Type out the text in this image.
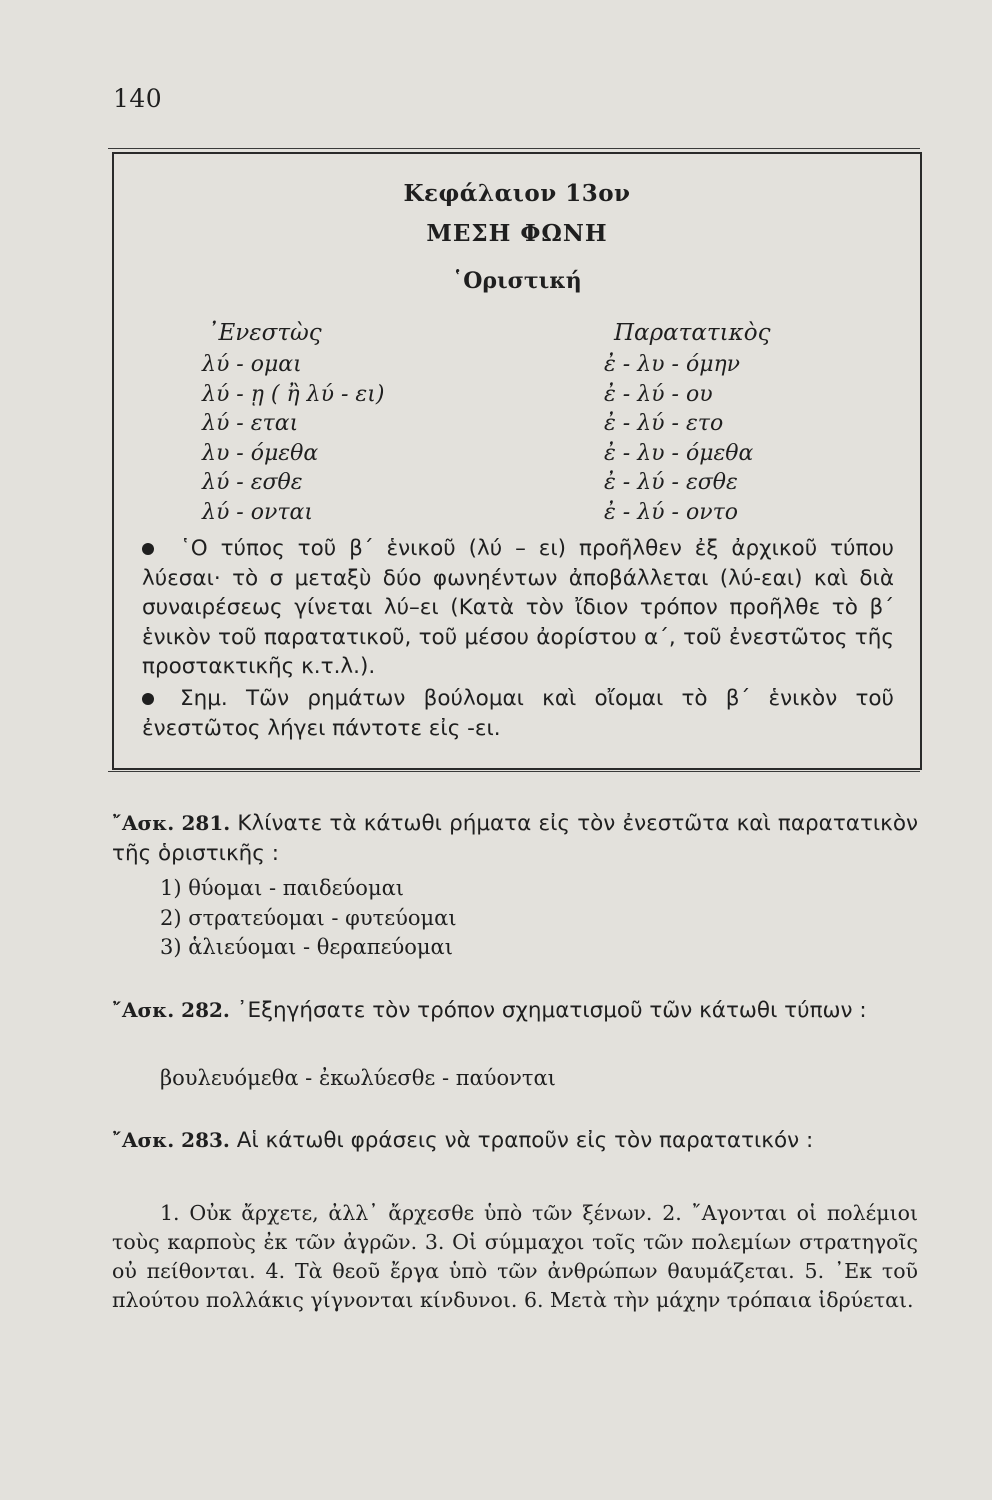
140
Κεφάλαιον 13ον
ΜΕΣΗ ΦΩΝΗ
῾Οριστική
᾿Ενεστὼς	Παρατατικὸς
λύ - ομαι
λύ - ῃ ( ἢ λύ - ει)
λύ - εται
λυ - όμεθα
λύ - εσθε
λύ - ονται
ἐ - λυ - όμην
ἐ - λύ - ου
ἐ - λύ - ετο
ἐ - λυ - όμεθα
ἐ - λύ - εσθε
ἐ - λύ - οντο
῾Ο τύπος τοῦ β΄ ἑνικοῦ (λύ – ει) προῆλθεν ἐξ ἀρχικοῦ τύπου λύεσαι· τὸ σ μεταξὺ δύο φωνηέντων ἀποβάλλεται (λύ-εαι) καὶ διὰ συναιρέσεως γίνεται λύ–ει (Κατὰ τὸν ἴδιον τρόπον προῆλθε τὸ β΄ ἑνικὸν τοῦ παρατατικοῦ, τοῦ μέσου ἀορίστου α΄, τοῦ ἐνεστῶτος τῆς προστακτικῆς κ.τ.λ.).
Σημ. Τῶν ρημάτων βούλομαι καὶ οἴομαι τὸ β΄ ἑνικὸν τοῦ ἐνεστῶτος λήγει πάντοτε εἰς -ει.
῎Ασκ. 281. Κλίνατε τὰ κάτωθι ρήματα εἰς τὸν ἐνεστῶτα καὶ παρατατικὸν τῆς ὁριστικῆς :
1) θύομαι - παιδεύομαι
2) στρατεύομαι - φυτεύομαι
3) ἁλιεύομαι - θεραπεύομαι
῎Ασκ. 282. ᾿Εξηγήσατε τὸν τρόπον σχηματισμοῦ τῶν κάτωθι τύπων :
βουλευόμεθα - ἐκωλύεσθε - παύονται
῎Ασκ. 283. Αἱ κάτωθι φράσεις νὰ τραποῦν εἰς τὸν παρατατικόν :
1. Οὐκ ἄρχετε, ἀλλ᾿ ἄρχεσθε ὑπὸ τῶν ξένων. 2. ῎Αγονται οἱ πολέμιοι τοὺς καρποὺς ἐκ τῶν ἀγρῶν. 3. Οἱ σύμμαχοι τοῖς τῶν πολεμίων στρατηγοῖς οὐ πείθονται. 4. Τὰ θεοῦ ἔργα ὑπὸ τῶν ἀνθρώπων θαυμάζεται. 5. ᾿Εκ τοῦ πλούτου πολλάκις γίγνονται κίνδυνοι. 6. Μετὰ τὴν μάχην τρόπαια ἱδρύεται.
